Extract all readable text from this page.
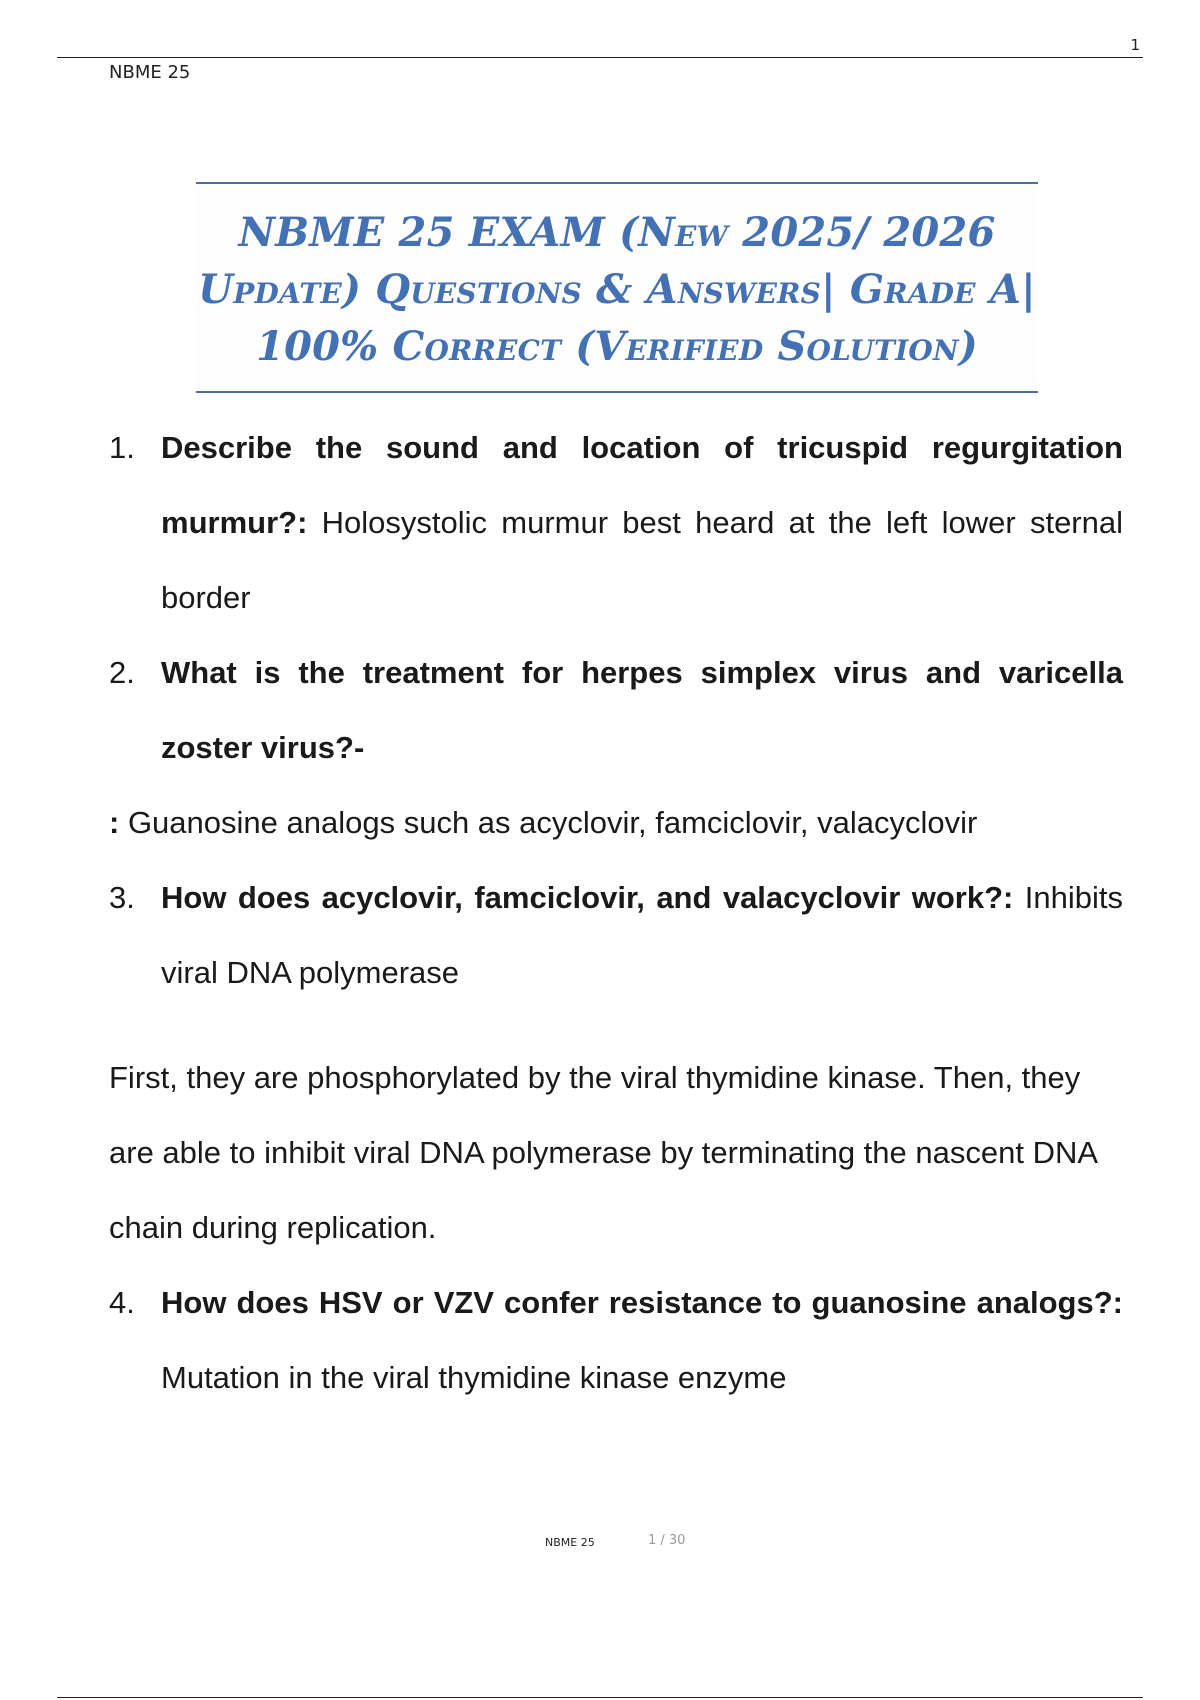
1
NBME 25
NBME 25 EXAM (New 2025/ 2026 Update) Questions & Answers| Grade A| 100% Correct (Verified Solution)
1. Describe the sound and location of tricuspid regurgitation murmur?: Holosystolic murmur best heard at the left lower sternal border
2. What is the treatment for herpes simplex virus and varicella zoster virus?-
: Guanosine analogs such as acyclovir, famciclovir, valacyclovir
3. How does acyclovir, famciclovir, and valacyclovir work?: Inhibits viral DNA polymerase

First, they are phosphorylated by the viral thymidine kinase. Then, they are able to inhibit viral DNA polymerase by terminating the nascent DNA chain during replication.

4. How does HSV or VZV confer resistance to guanosine analogs?: Mutation in the viral thymidine kinase enzyme
NBME 25	1 / 30
